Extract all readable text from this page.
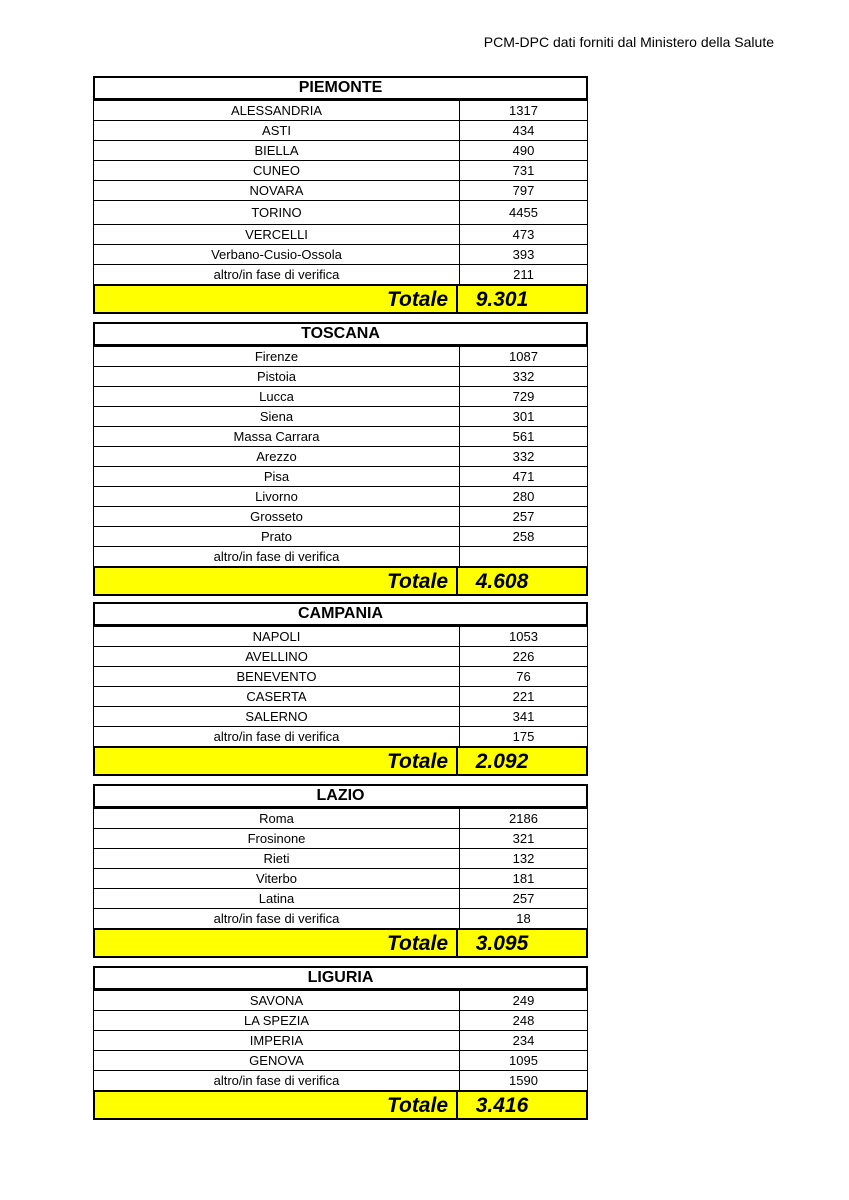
PCM-DPC dati forniti dal Ministero della Salute
PIEMONTE
ALESSANDRIA	1317
ASTI	434
BIELLA	490
CUNEO	731
NOVARA	797
TORINO	4455
VERCELLI	473
Verbano-Cusio-Ossola	393
altro/in fase di verifica	211
Totale	9.301
TOSCANA
Firenze	1087
Pistoia	332
Lucca	729
Siena	301
Massa Carrara	561
Arezzo	332
Pisa	471
Livorno	280
Grosseto	257
Prato	258
altro/in fase di verifica	
Totale	4.608
CAMPANIA
NAPOLI	1053
AVELLINO	226
BENEVENTO	76
CASERTA	221
SALERNO	341
altro/in fase di verifica	175
Totale	2.092
LAZIO
Roma	2186
Frosinone	321
Rieti	132
Viterbo	181
Latina	257
altro/in fase di verifica	18
Totale	3.095
LIGURIA
SAVONA	249
LA SPEZIA	248
IMPERIA	234
GENOVA	1095
altro/in fase di verifica	1590
Totale	3.416
